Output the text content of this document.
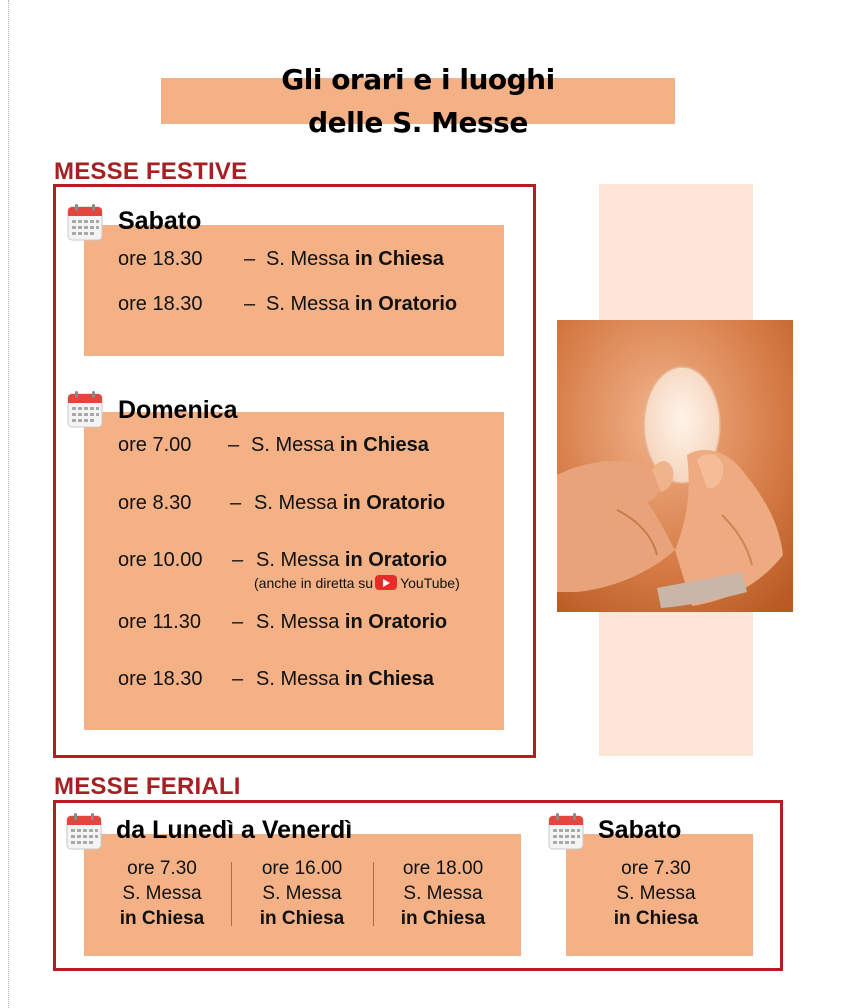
Gli orari e i luoghi
delle S. Messe
MESSE FESTIVE
Sabato
ore 18.30 – S. Messa in Chiesa
ore 18.30 – S. Messa in Oratorio
Domenica
ore 7.00 – S. Messa in Chiesa
ore 8.30 – S. Messa in Oratorio
ore 10.00 – S. Messa in Oratorio
(anche in diretta su YouTube)
ore 11.30 – S. Messa in Oratorio
ore 18.30 – S. Messa in Chiesa
MESSE FERIALI
da Lunedì a Venerdì
ore 7.30
S. Messa
in Chiesa
ore 16.00
S. Messa
in Chiesa
ore 18.00
S. Messa
in Chiesa
Sabato
ore 7.30
S. Messa
in Chiesa
